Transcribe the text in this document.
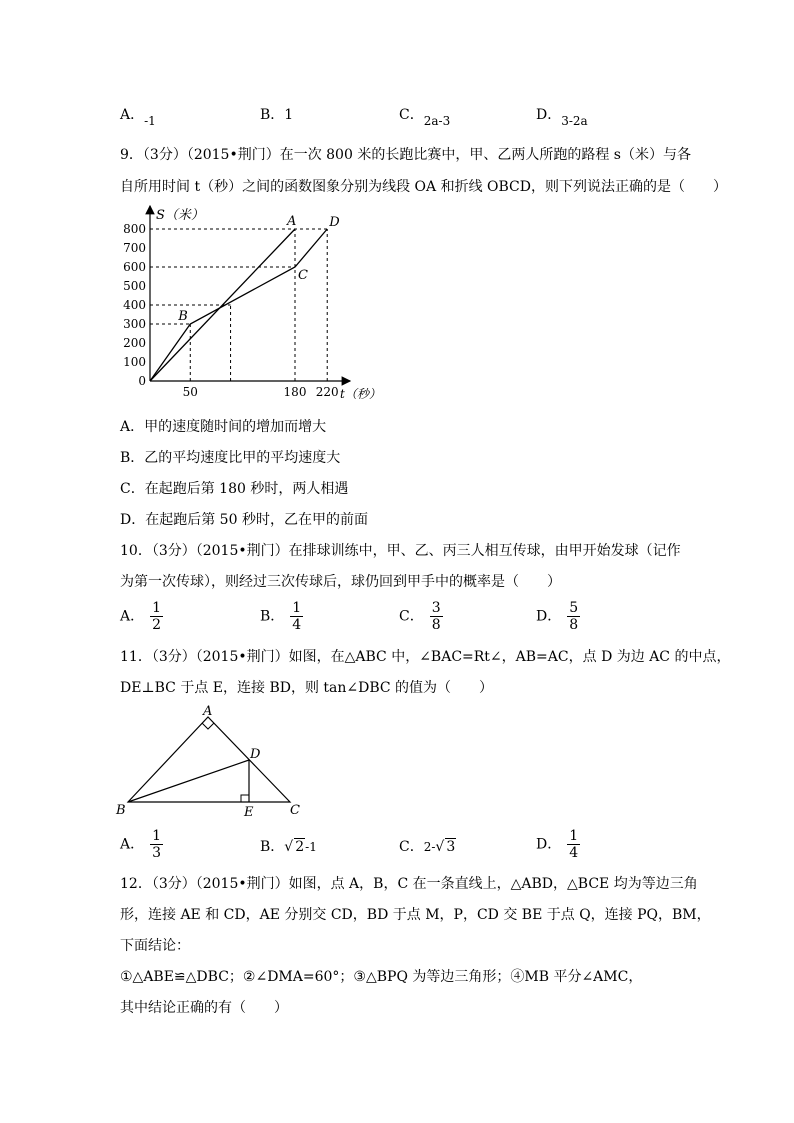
A．-1	B．1	C．2a-3	D．3-2a
9．（3分）（2015•荆门）在一次 800 米的长跑比赛中，甲、乙两人所跑的路程 s（米）与各
自所用时间 t（秒）之间的函数图象分别为线段 OA 和折线 OBCD，则下列说法正确的是（　　）
0
100
200
300
400
500
600
700
800
50	180 220
A
B
C
D
S（米）
t（秒）
A．甲的速度随时间的增加而增大
B．乙的平均速度比甲的平均速度大
C．在起跑后第 180 秒时，两人相遇
D．在起跑后第 50 秒时，乙在甲的前面
10．（3分）（2015•荆门）在排球训练中，甲、乙、丙三人相互传球，由甲开始发球（记作
为第一次传球），则经过三次传球后，球仍回到甲手中的概率是（　　）
A． $\frac{1}{2}$	B． $\frac{1}{4}$	C． $\frac{3}{8}$	D． $\frac{5}{8}$
11．（3分）（2015•荆门）如图，在△ABC 中，∠BAC=Rt∠，AB=AC，点 D 为边 AC 的中点，
DE⊥BC 于点 E，连接 BD，则 tan∠DBC 的值为（　　）
A
B	C
D
E
A． $\frac{1}{3}$	B．√ 2-1	C．2-√ 3	D． $\frac{1}{4}$
12．（3分）（2015•荆门）如图，点 A，B，C 在一条直线上，△ABD，△BCE 均为等边三角
形，连接 AE 和 CD，AE 分别交 CD，BD 于点 M，P，CD 交 BE 于点 Q，连接 PQ，BM，
下面结论：
①△ABE≌△DBC；②∠DMA=60°；③△BPQ 为等边三角形；④MB 平分∠AMC，
其中结论正确的有（　　）
